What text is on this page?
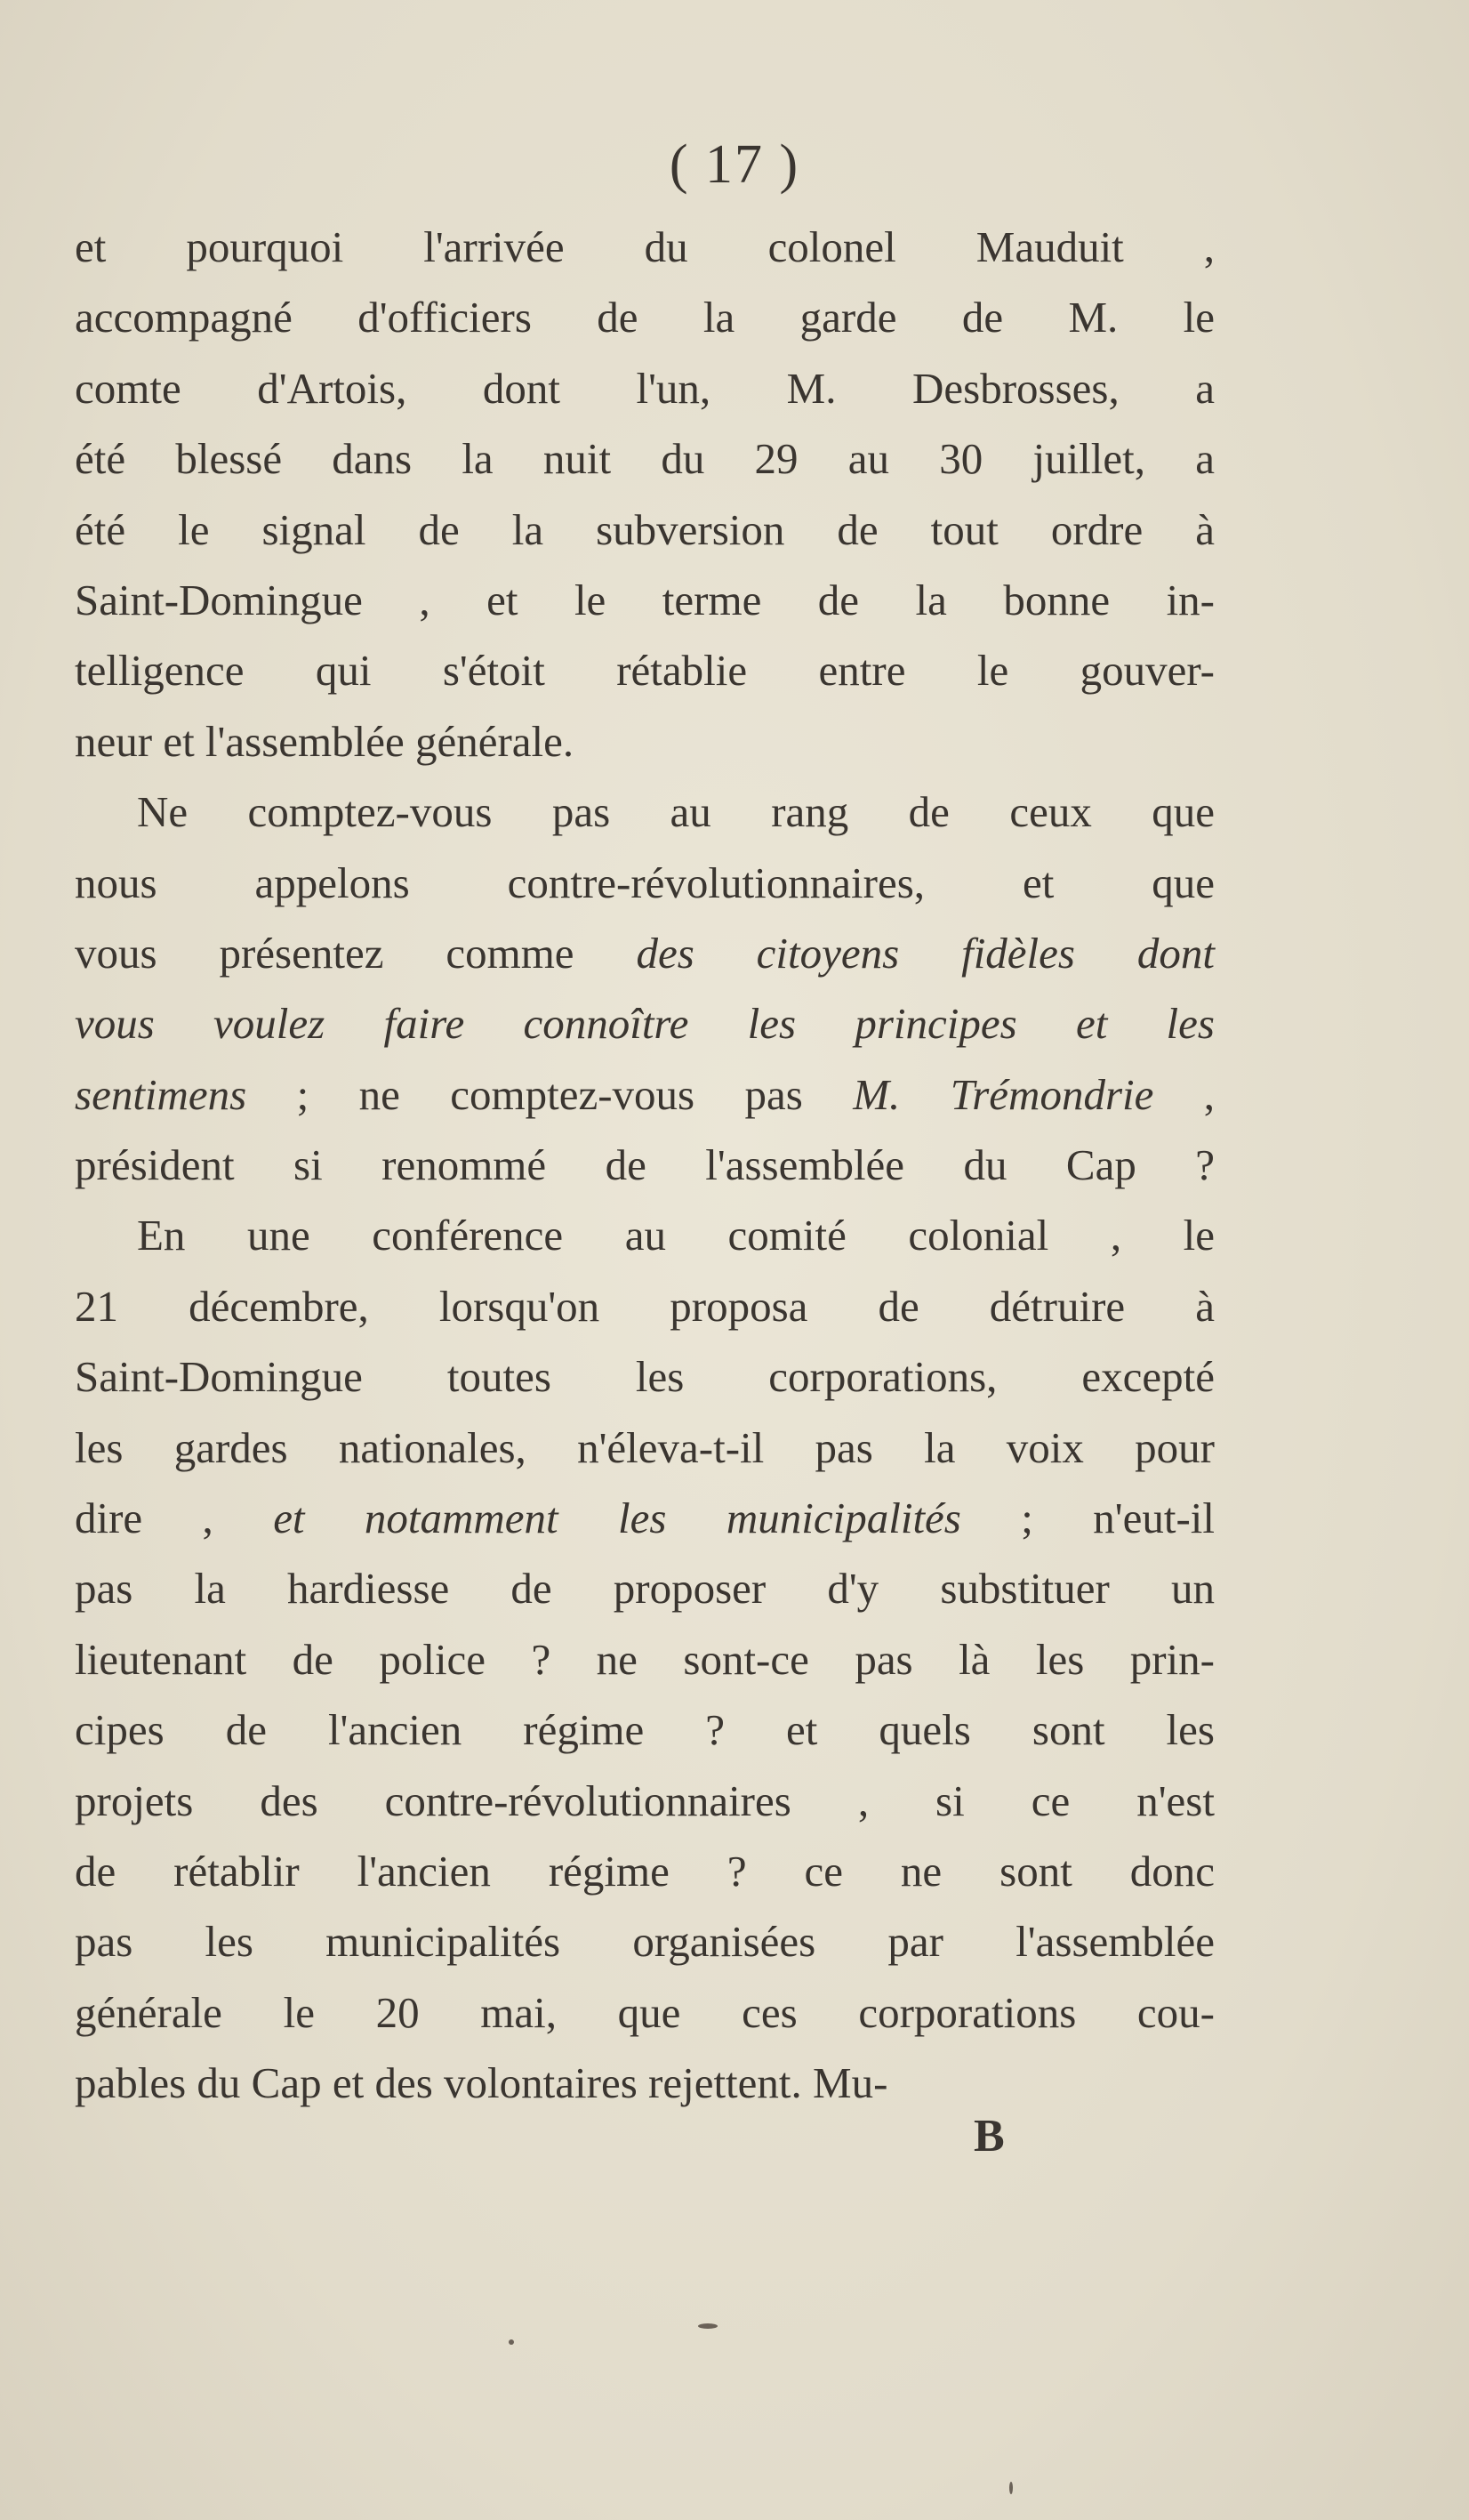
( 17 )
et pourquoi l'arrivée du colonel Mauduit ,
accompagné d'officiers de la garde de M. le
comte d'Artois, dont l'un, M. Desbrosses, a
été blessé dans la nuit du 29 au 30 juillet, a
été le signal de la subversion de tout ordre à
Saint-Domingue , et le terme de la bonne in-
telligence qui s'étoit rétablie entre le gouver-
neur et l'assemblée générale.
Ne comptez-vous pas au rang de ceux que
nous appelons contre-révolutionnaires, et que
vous présentez comme des citoyens fidèles dont
vous voulez faire connoître les principes et les
sentimens ; ne comptez-vous pas M. Trémondrie ,
président si renommé de l'assemblée du Cap ?
En une conférence au comité colonial , le
21 décembre, lorsqu'on proposa de détruire à
Saint-Domingue toutes les corporations, excepté
les gardes nationales, n'éleva-t-il pas la voix pour
dire , et notamment les municipalités ; n'eut-il
pas la hardiesse de proposer d'y substituer un
lieutenant de police ? ne sont-ce pas là les prin-
cipes de l'ancien régime ? et quels sont les
projets des contre-révolutionnaires , si ce n'est
de rétablir l'ancien régime ? ce ne sont donc
pas les municipalités organisées par l'assemblée
générale le 20 mai, que ces corporations cou-
pables du Cap et des volontaires rejettent. Mu-
B
